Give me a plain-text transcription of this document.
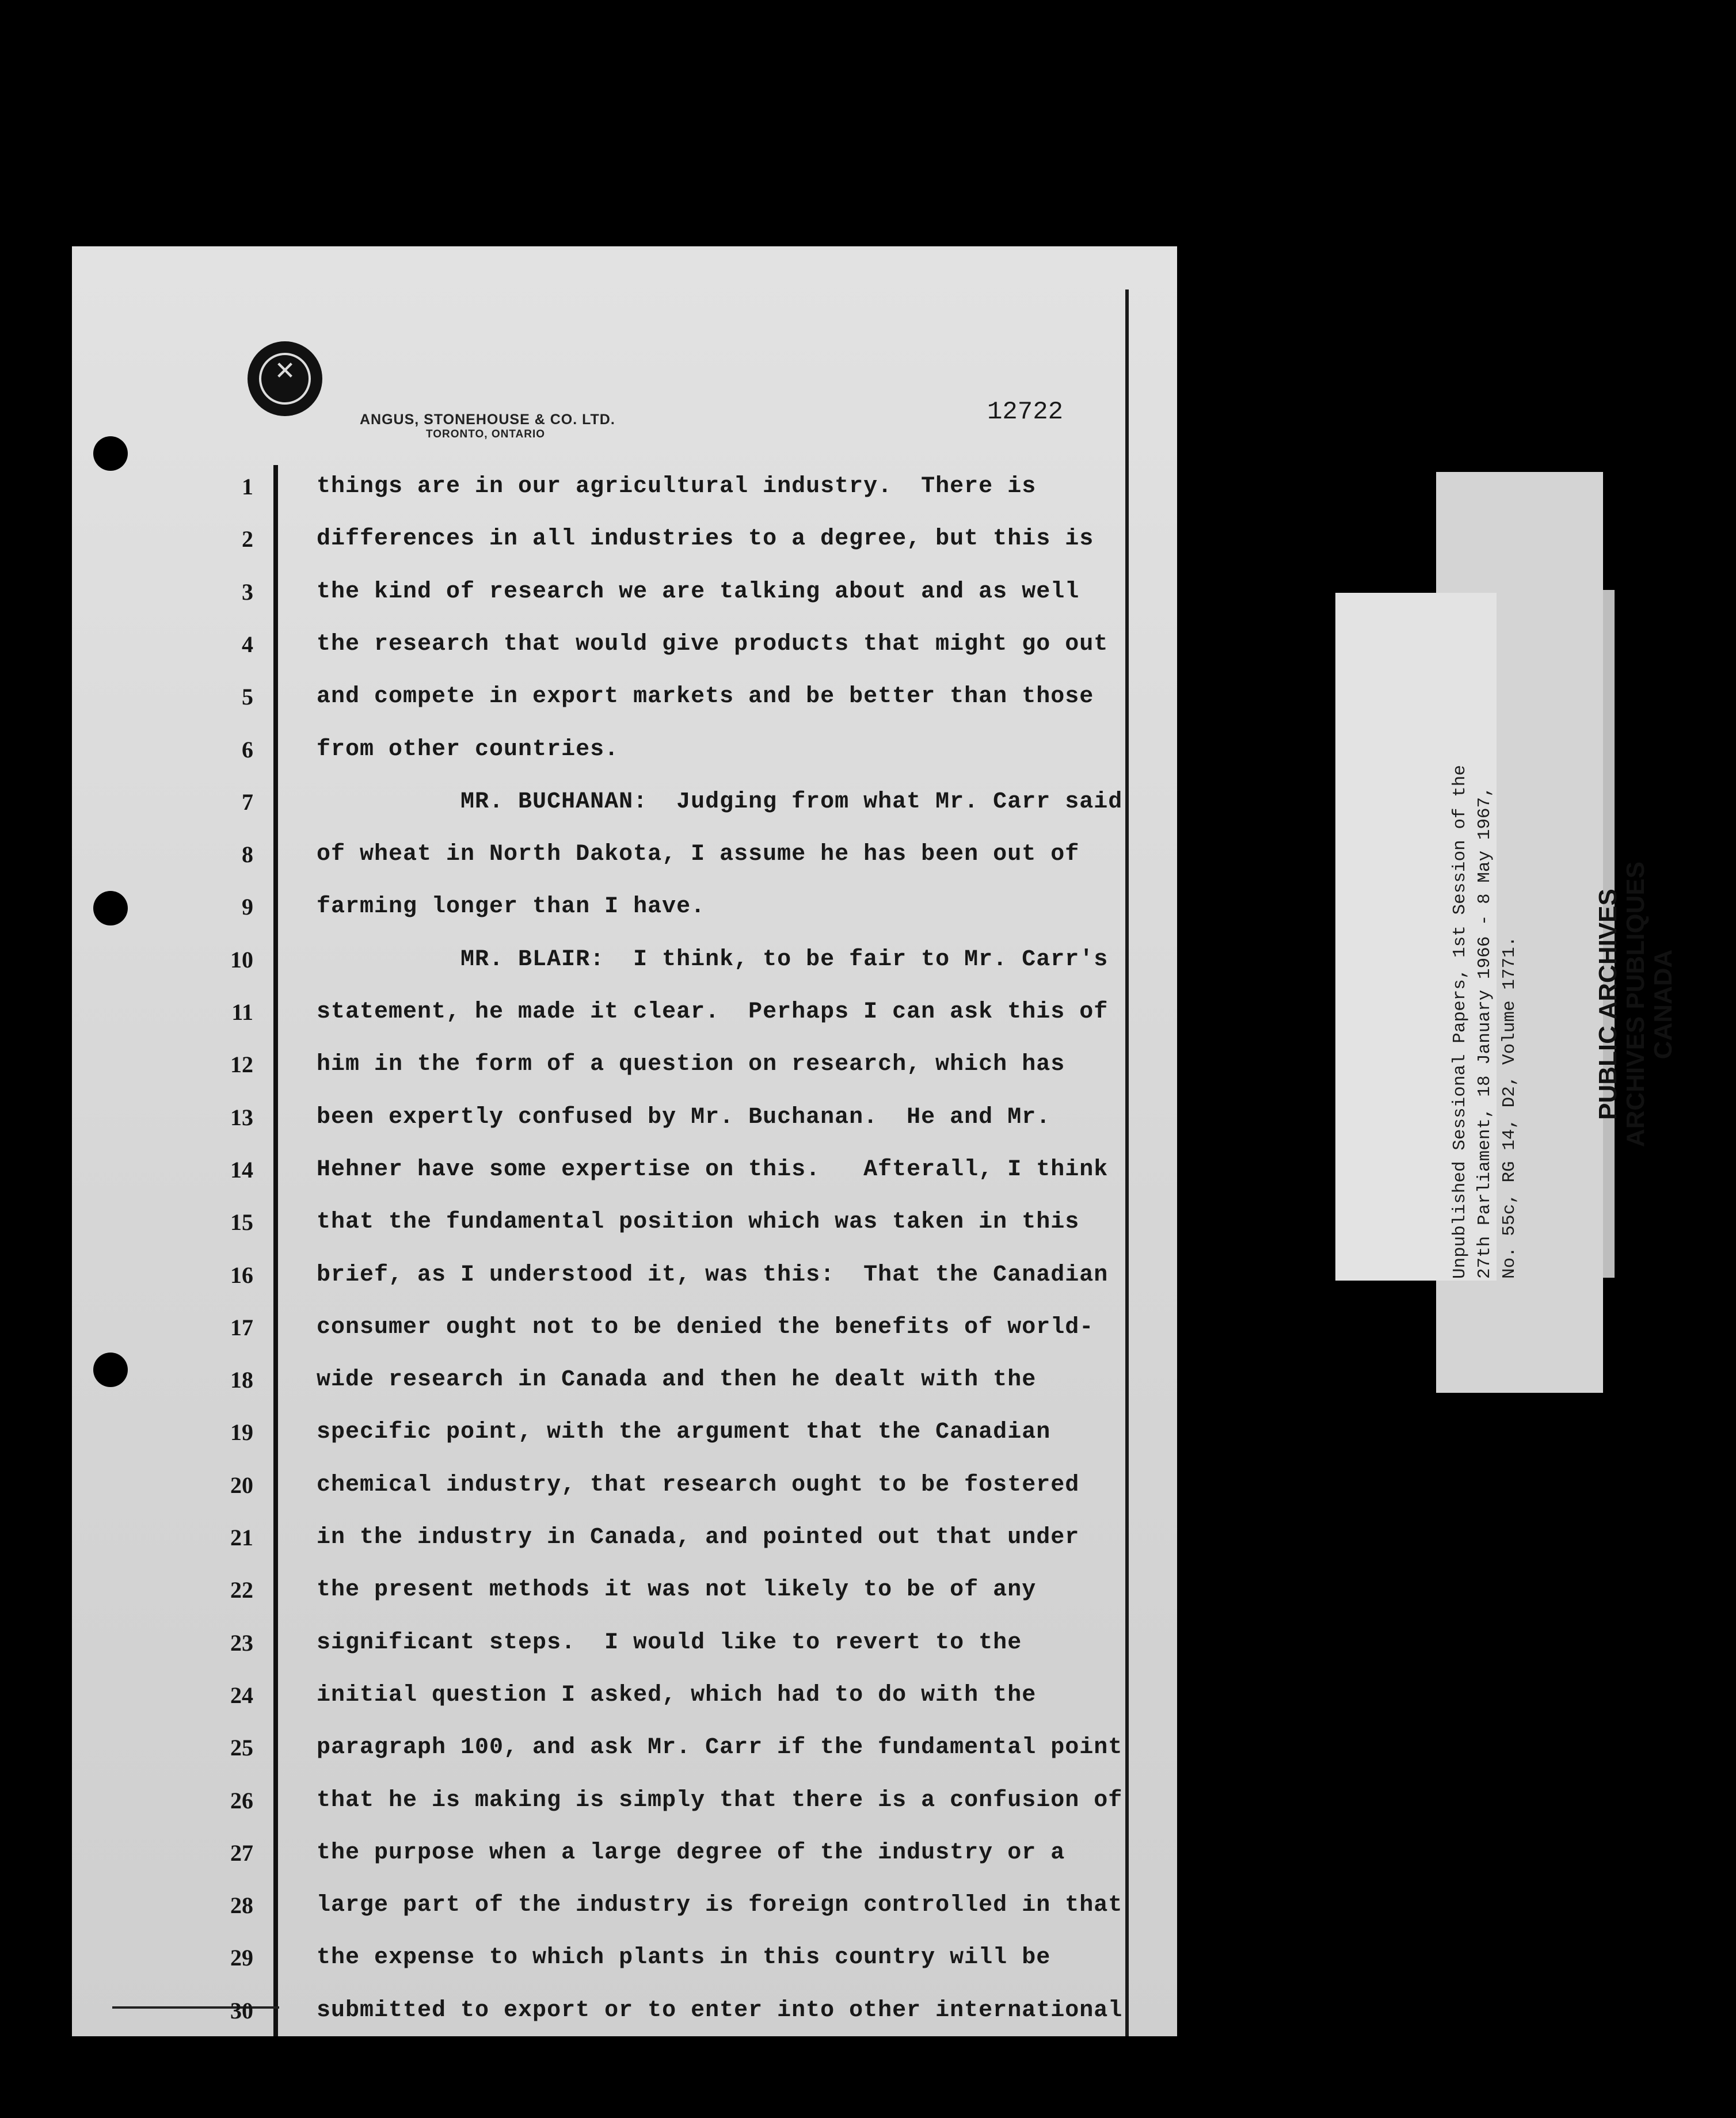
✕
ANGUS, STONEHOUSE & CO. LTD.
TORONTO, ONTARIO
12722
1	things are in our agricultural industry.  There is
2	differences in all industries to a degree, but this is
3	the kind of research we are talking about and as well
4	the research that would give products that might go out
5	and compete in export markets and be better than those
6	from other countries.
7	MR. BUCHANAN:  Judging from what Mr. Carr said
8	of wheat in North Dakota, I assume he has been out of
9	farming longer than I have.
10	MR. BLAIR:  I think, to be fair to Mr. Carr's
11	statement, he made it clear.  Perhaps I can ask this of
12	him in the form of a question on research, which has
13	been expertly confused by Mr. Buchanan.  He and Mr.
14	Hehner have some expertise on this.   Afterall, I think
15	that the fundamental position which was taken in this
16	brief, as I understood it, was this:  That the Canadian
17	consumer ought not to be denied the benefits of world-
18	wide research in Canada and then he dealt with the
19	specific point, with the argument that the Canadian
20	chemical industry, that research ought to be fostered
21	in the industry in Canada, and pointed out that under
22	the present methods it was not likely to be of any
23	significant steps.  I would like to revert to the
24	initial question I asked, which had to do with the
25	paragraph 100, and ask Mr. Carr if the fundamental point
26	that he is making is simply that there is a confusion of
27	the purpose when a large degree of the industry or a
28	large part of the industry is foreign controlled in that
29	the expense to which plants in this country will be
30	submitted to export or to enter into other international
Unpublished Sessional Papers, 1st Session of the 27th Parliament, 18 January 1966 - 8 May 1967, No. 55c, RG 14, D2, Volume 1771.	PUBLIC ARCHIVES ARCHIVES PUBLIQUES CANADA
